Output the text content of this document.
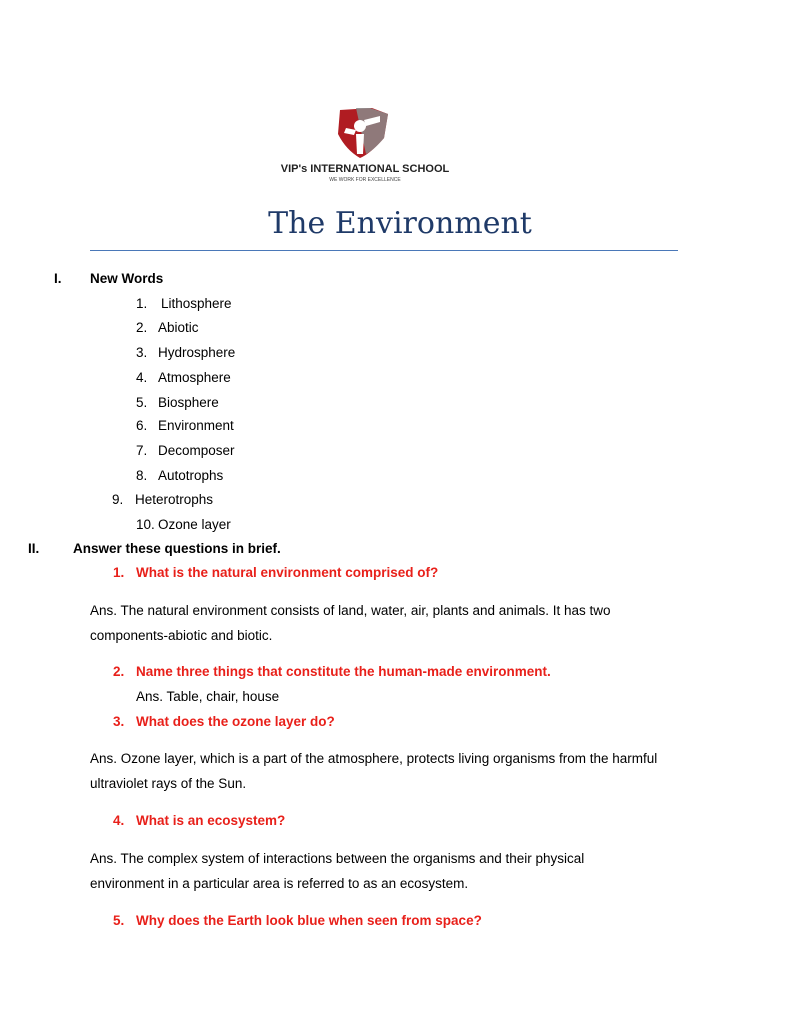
VIP's INTERNATIONAL SCHOOL
WE WORK FOR EXCELLENCE
The Environment
I. New Words
1. Lithosphere
2. Abiotic
3. Hydrosphere
4. Atmosphere
5. Biosphere
6. Environment
7. Decomposer
8. Autotrophs
9. Heterotrophs
10. Ozone layer
II. Answer these questions in brief.
1. What is the natural environment comprised of?
Ans. The natural environment consists of land, water, air, plants and animals. It has two
components-abiotic and biotic.
2. Name three things that constitute the human-made environment.
Ans. Table, chair, house
3. What does the ozone layer do?
Ans. Ozone layer, which is a part of the atmosphere, protects living organisms from the harmful
ultraviolet rays of the Sun.
4. What is an ecosystem?
Ans. The complex system of interactions between the organisms and their physical
environment in a particular area is referred to as an ecosystem.
5. Why does the Earth look blue when seen from space?
